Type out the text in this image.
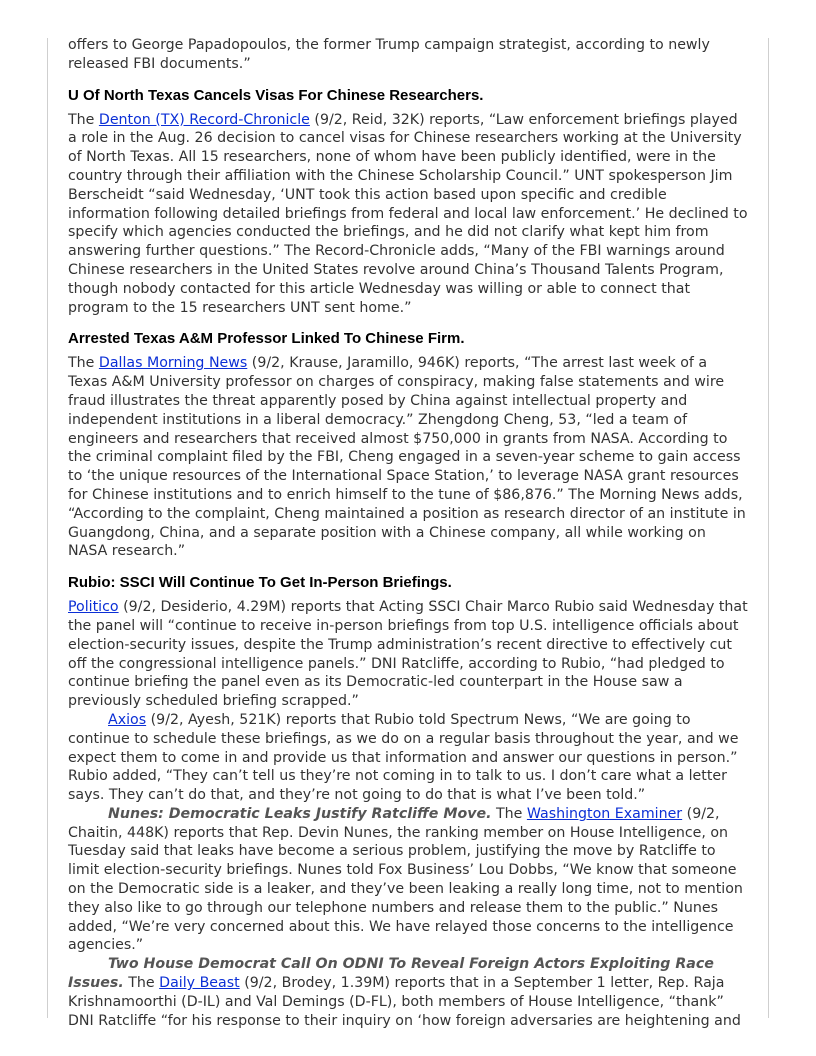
offers to George Papadopoulos, the former Trump campaign strategist, according to newly released FBI documents.”

U Of North Texas Cancels Visas For Chinese Researchers.

The Denton (TX) Record-Chronicle (9/2, Reid, 32K) reports, “Law enforcement briefings played a role in the Aug. 26 decision to cancel visas for Chinese researchers working at the University of North Texas. All 15 researchers, none of whom have been publicly identified, were in the country through their affiliation with the Chinese Scholarship Council.” UNT spokesperson Jim Berscheidt “said Wednesday, ‘UNT took this action based upon specific and credible information following detailed briefings from federal and local law enforcement.’ He declined to specify which agencies conducted the briefings, and he did not clarify what kept him from answering further questions.” The Record-Chronicle adds, “Many of the FBI warnings around Chinese researchers in the United States revolve around China’s Thousand Talents Program, though nobody contacted for this article Wednesday was willing or able to connect that program to the 15 researchers UNT sent home.”

Arrested Texas A&M Professor Linked To Chinese Firm.

The Dallas Morning News (9/2, Krause, Jaramillo, 946K) reports, “The arrest last week of a Texas A&M University professor on charges of conspiracy, making false statements and wire fraud illustrates the threat apparently posed by China against intellectual property and independent institutions in a liberal democracy.” Zhengdong Cheng, 53, “led a team of engineers and researchers that received almost $750,000 in grants from NASA. According to the criminal complaint filed by the FBI, Cheng engaged in a seven-year scheme to gain access to ‘the unique resources of the International Space Station,’ to leverage NASA grant resources for Chinese institutions and to enrich himself to the tune of $86,876.” The Morning News adds, “According to the complaint, Cheng maintained a position as research director of an institute in Guangdong, China, and a separate position with a Chinese company, all while working on NASA research.”

Rubio: SSCI Will Continue To Get In-Person Briefings.

Politico (9/2, Desiderio, 4.29M) reports that Acting SSCI Chair Marco Rubio said Wednesday that the panel will “continue to receive in-person briefings from top U.S. intelligence officials about election-security issues, despite the Trump administration’s recent directive to effectively cut off the congressional intelligence panels.” DNI Ratcliffe, according to Rubio, “had pledged to continue briefing the panel even as its Democratic-led counterpart in the House saw a previously scheduled briefing scrapped.”

Axios (9/2, Ayesh, 521K) reports that Rubio told Spectrum News, “We are going to continue to schedule these briefings, as we do on a regular basis throughout the year, and we expect them to come in and provide us that information and answer our questions in person.” Rubio added, “They can’t tell us they’re not coming in to talk to us. I don’t care what a letter says. They can’t do that, and they’re not going to do that is what I’ve been told.”

Nunes: Democratic Leaks Justify Ratcliffe Move. The Washington Examiner (9/2, Chaitin, 448K) reports that Rep. Devin Nunes, the ranking member on House Intelligence, on Tuesday said that leaks have become a serious problem, justifying the move by Ratcliffe to limit election-security briefings. Nunes told Fox Business’ Lou Dobbs, “We know that someone on the Democratic side is a leaker, and they’ve been leaking a really long time, not to mention they also like to go through our telephone numbers and release them to the public.” Nunes added, “We’re very concerned about this. We have relayed those concerns to the intelligence agencies.”

Two House Democrat Call On ODNI To Reveal Foreign Actors Exploiting Race Issues. The Daily Beast (9/2, Brodey, 1.39M) reports that in a September 1 letter, Rep. Raja Krishnamoorthi (D-IL) and Val Demings (D-FL), both members of House Intelligence, “thank” DNI Ratcliffe “for his response to their inquiry on ‘how foreign adversaries are heightening and
